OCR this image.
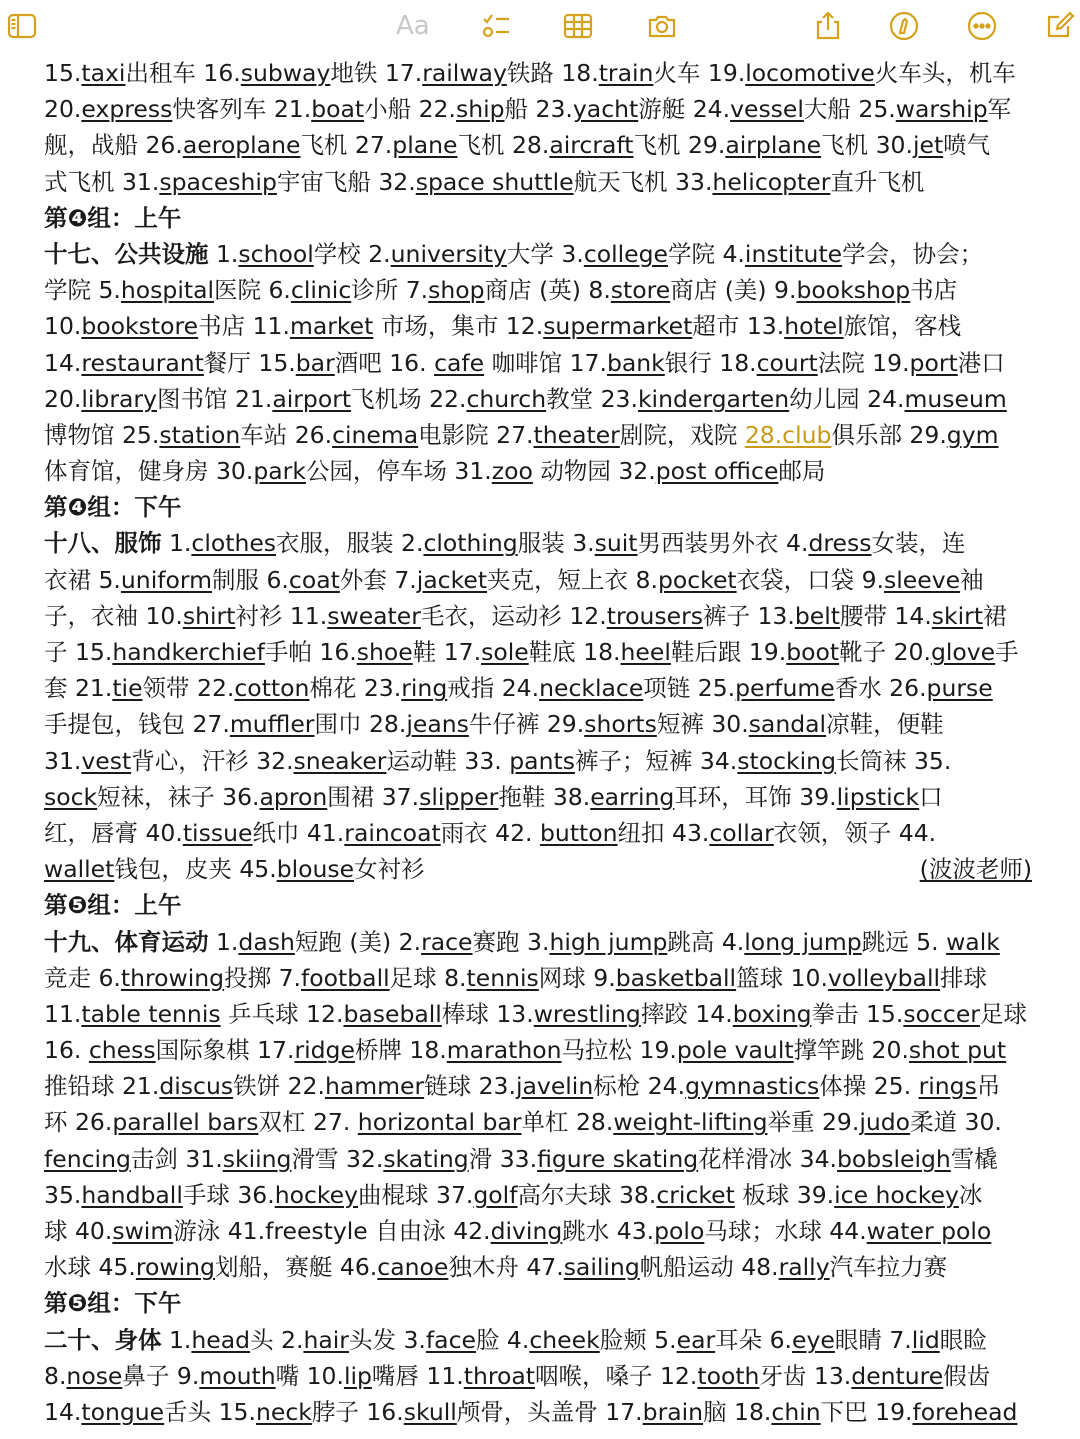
Aa
15.taxi出租车 16.subway地铁 17.railway铁路 18.train火车 19.locomotive火车头，机车
20.express快客列车 21.boat小船 22.ship船 23.yacht游艇 24.vessel大船 25.warship军
舰，战船 26.aeroplane飞机 27.plane飞机 28.aircraft飞机 29.airplane飞机 30.jet喷气
式飞机 31.spaceship宇宙飞船 32.space shuttle航天飞机 33.helicopter直升飞机
第❹组：上午
十七、公共设施 1.school学校 2.university大学 3.college学院 4.institute学会，协会；
学院 5.hospital医院 6.clinic诊所 7.shop商店 (英) 8.store商店 (美) 9.bookshop书店
10.bookstore书店 11.market 市场，集市 12.supermarket超市 13.hotel旅馆，客栈
14.restaurant餐厅 15.bar酒吧 16. cafe 咖啡馆 17.bank银行 18.court法院 19.port港口
20.library图书馆 21.airport飞机场 22.church教堂 23.kindergarten幼儿园 24.museum
博物馆 25.station车站 26.cinema电影院 27.theater剧院，戏院 28.club俱乐部 29.gym
体育馆，健身房 30.park公园，停车场 31.zoo 动物园 32.post office邮局
第❹组：下午
十八、服饰 1.clothes衣服，服装 2.clothing服装 3.suit男西装男外衣 4.dress女装，连
衣裙 5.uniform制服 6.coat外套 7.jacket夹克，短上衣 8.pocket衣袋，口袋 9.sleeve袖
子，衣袖 10.shirt衬衫 11.sweater毛衣，运动衫 12.trousers裤子 13.belt腰带 14.skirt裙
子 15.handkerchief手帕 16.shoe鞋 17.sole鞋底 18.heel鞋后跟 19.boot靴子 20.glove手
套 21.tie领带 22.cotton棉花 23.ring戒指 24.necklace项链 25.perfume香水 26.purse
手提包，钱包 27.muffler围巾 28.jeans牛仔裤 29.shorts短裤 30.sandal凉鞋，便鞋
31.vest背心，汗衫 32.sneaker运动鞋 33. pants裤子；短裤 34.stocking长筒袜 35.
sock短袜，袜子 36.apron围裙 37.slipper拖鞋 38.earring耳环，耳饰 39.lipstick口
红，唇膏 40.tissue纸巾 41.raincoat雨衣 42. button纽扣 43.collar衣领，领子 44.
wallet钱包，皮夹 45.blouse女衬衫	(波波老师)
第❺组：上午
十九、体育运动 1.dash短跑 (美) 2.race赛跑 3.high jump跳高 4.long jump跳远 5. walk
竞走 6.throwing投掷 7.football足球 8.tennis网球 9.basketball篮球 10.volleyball排球
11.table tennis 乒乓球 12.baseball棒球 13.wrestling摔跤 14.boxing拳击 15.soccer足球
16. chess国际象棋 17.ridge桥牌 18.marathon马拉松 19.pole vault撑竿跳 20.shot put
推铅球 21.discus铁饼 22.hammer链球 23.javelin标枪 24.gymnastics体操 25. rings吊
环 26.parallel bars双杠 27. horizontal bar单杠 28.weight-lifting举重 29.judo柔道 30.
fencing击剑 31.skiing滑雪 32.skating滑 33.figure skating花样滑冰 34.bobsleigh雪橇
35.handball手球 36.hockey曲棍球 37.golf高尔夫球 38.cricket 板球 39.ice hockey冰
球 40.swim游泳 41.freestyle 自由泳 42.diving跳水 43.polo马球；水球 44.water polo
水球 45.rowing划船，赛艇 46.canoe独木舟 47.sailing帆船运动 48.rally汽车拉力赛
第❺组：下午
二十、身体 1.head头 2.hair头发 3.face脸 4.cheek脸颊 5.ear耳朵 6.eye眼睛 7.lid眼睑
8.nose鼻子 9.mouth嘴 10.lip嘴唇 11.throat咽喉，嗓子 12.tooth牙齿 13.denture假齿
14.tongue舌头 15.neck脖子 16.skull颅骨，头盖骨 17.brain脑 18.chin下巴 19.forehead
